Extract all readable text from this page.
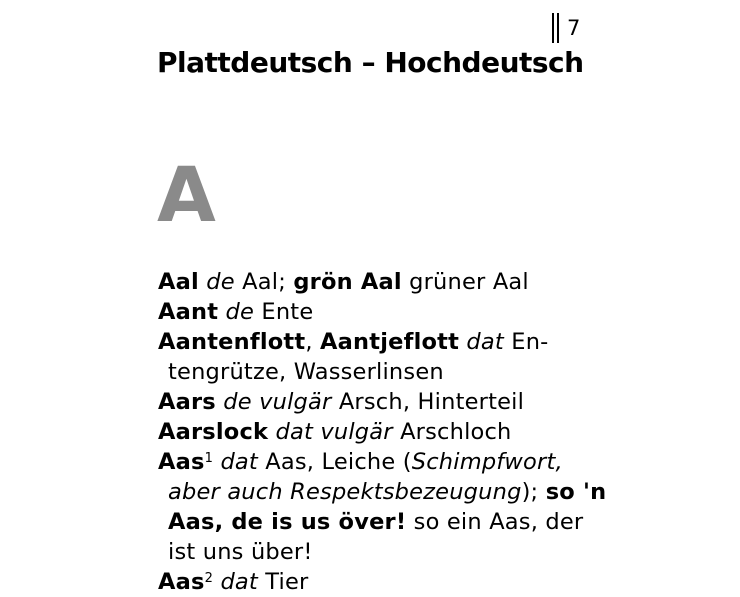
7
Plattdeutsch – Hochdeutsch
A
Aal de Aal; grön Aal grüner Aal
Aant de Ente
Aantenflott, Aantjeflott dat En-
tengrütze, Wasserlinsen
Aars de vulgär Arsch, Hinterteil
Aarslock dat vulgär Arschloch
Aas$^1$ dat Aas, Leiche (Schimpfwort,
aber auch Respektsbezeugung); so 'n
Aas, de is us över! so ein Aas, der
ist uns über!
Aas$^2$ dat Tier
